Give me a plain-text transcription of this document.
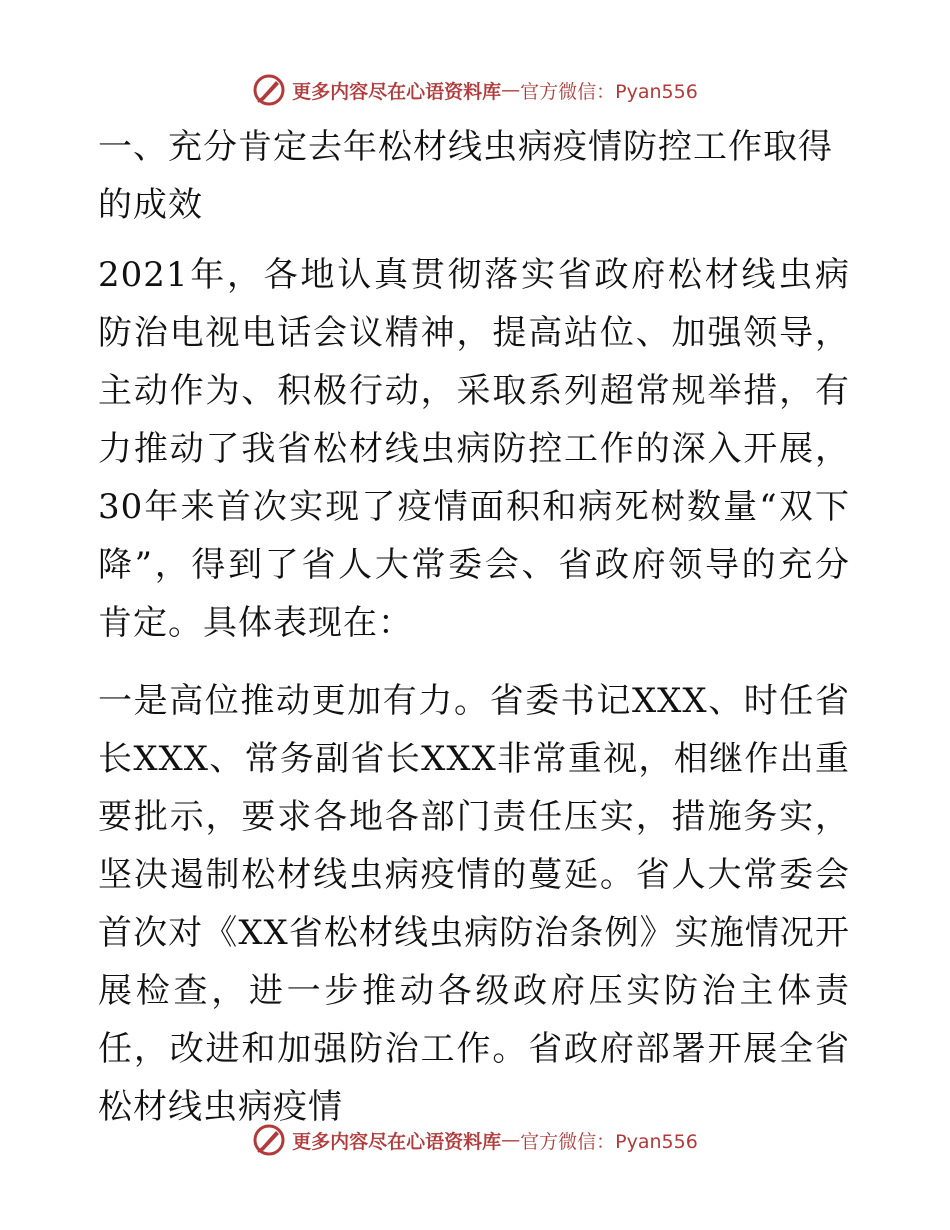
更多内容尽在心语资料库 — 官方微信：Pyan556
一、充分肯定去年松材线虫病疫情防控工作取得的成效

2021年，各地认真贯彻落实省政府松材线虫病防治电视电话会议精神，提高站位、加强领导，主动作为、积极行动，采取系列超常规举措，有力推动了我省松材线虫病防控工作的深入开展，30年来首次实现了疫情面积和病死树数量“双下降”，得到了省人大常委会、省政府领导的充分肯定。具体表现在：

一是高位推动更加有力。省委书记XXX、时任省长XXX、常务副省长XXX非常重视，相继作出重要批示，要求各地各部门责任压实，措施务实，坚决遏制松材线虫病疫情的蔓延。省人大常委会首次对《XX省松材线虫病防治条例》实施情况开展检查，进一步推动各级政府压实防治主体责任，改进和加强防治工作。省政府部署开展全省松材线虫病疫情

更多内容尽在心语资料库 — 官方微信：Pyan556
